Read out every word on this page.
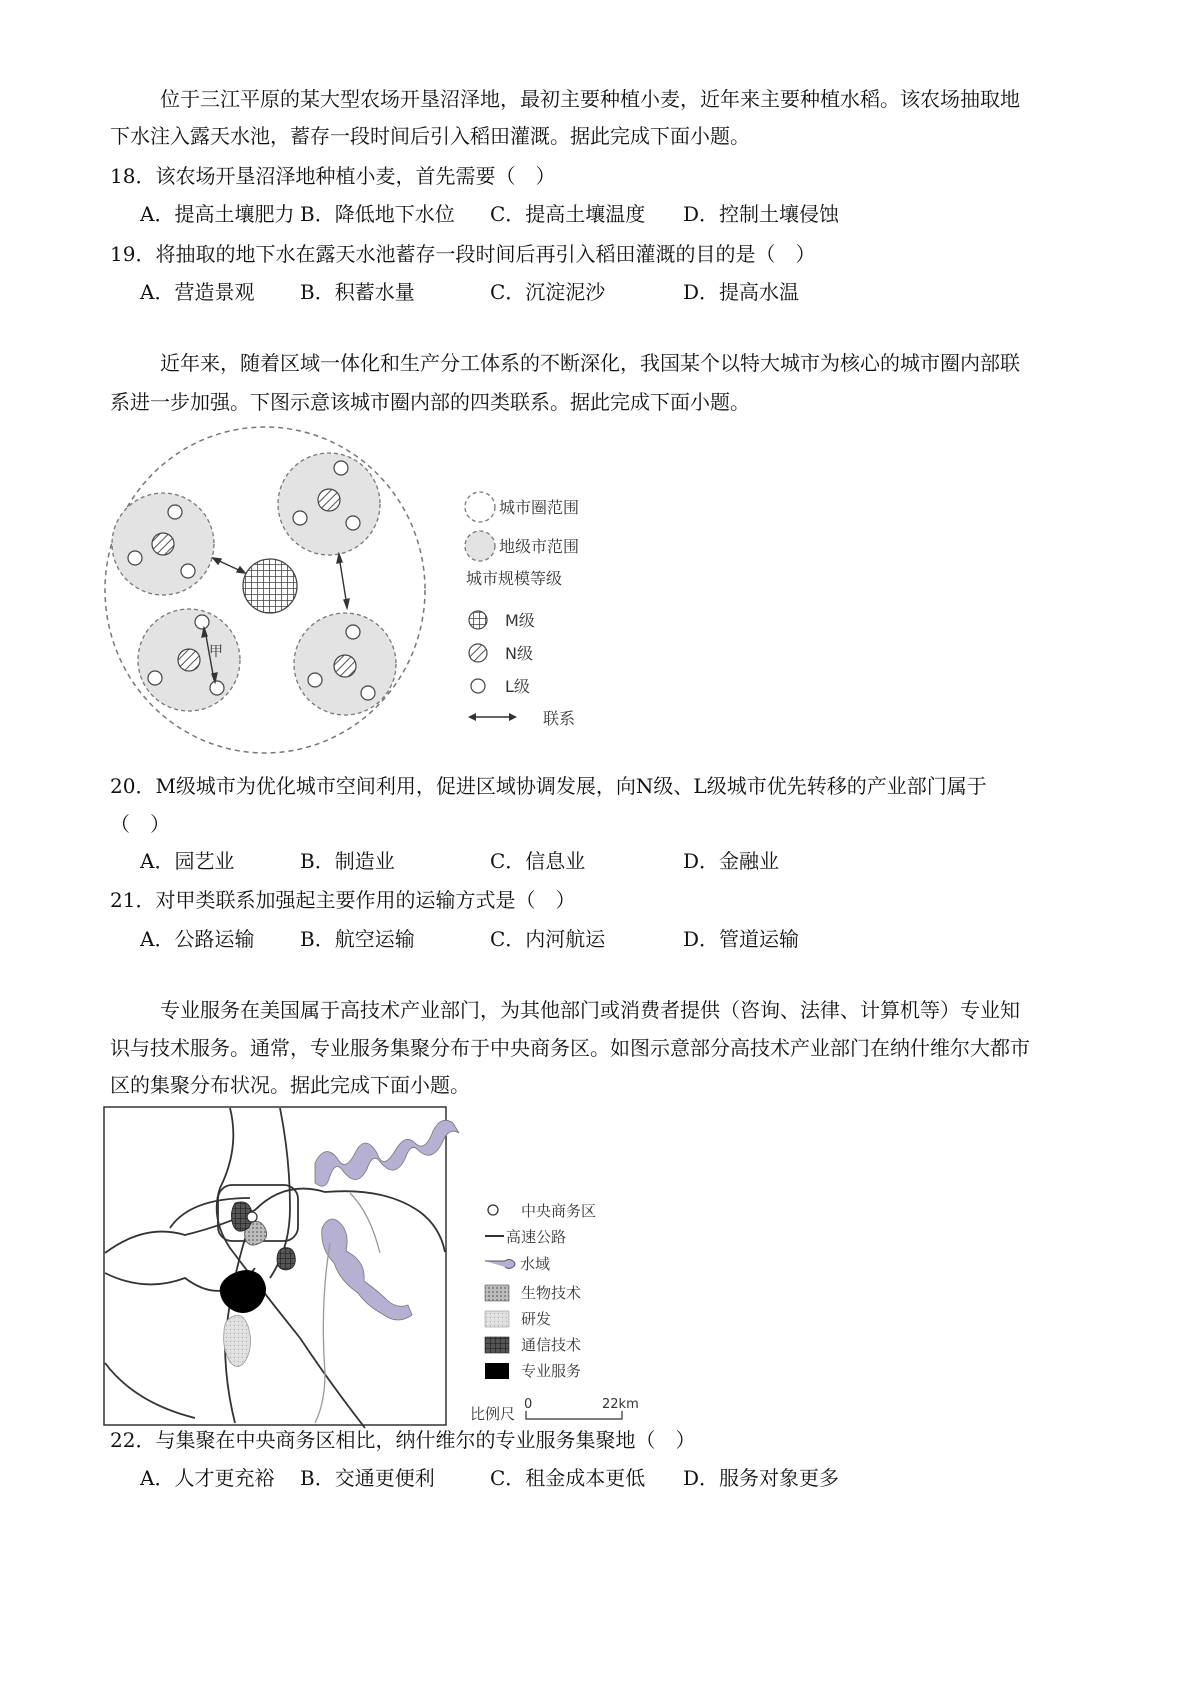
位于三江平原的某大型农场开垦沼泽地，最初主要种植小麦，近年来主要种植水稻。该农场抽取地
下水注入露天水池，蓄存一段时间后引入稻田灌溉。据此完成下面小题。
18．该农场开垦沼泽地种植小麦，首先需要（　）
A．提高土壤肥力 B．降低地下水位 C．提高土壤温度 D．控制土壤侵蚀
19．将抽取的地下水在露天水池蓄存一段时间后再引入稻田灌溉的目的是（　）
A．营造景观 B．积蓄水量	C．沉淀泥沙	D．提高水温
近年来，随着区域一体化和生产分工体系的不断深化，我国某个以特大城市为核心的城市圈内部联
系进一步加强。下图示意该城市圈内部的四类联系。据此完成下面小题。
甲
城市圈范围
地级市范围
城市规模等级
M级
N级
L级
联系
20．M级城市为优化城市空间利用，促进区域协调发展，向N级、L级城市优先转移的产业部门属于
（　）
A．园艺业	B．制造业	C．信息业	D．金融业
21．对甲类联系加强起主要作用的运输方式是（　）
A．公路运输 B．航空运输	C．内河航运	D．管道运输
专业服务在美国属于高技术产业部门，为其他部门或消费者提供（咨询、法律、计算机等）专业知
识与技术服务。通常，专业服务集聚分布于中央商务区。如图示意部分高技术产业部门在纳什维尔大都市
区的集聚分布状况。据此完成下面小题。
中央商务区
高速公路
水域
生物技术
研发
通信技术
专业服务
比例尺
0	22km
22．与集聚在中央商务区相比，纳什维尔的专业服务集聚地（　）
A．人才更充裕 B．交通更便利	C．租金成本更低 D．服务对象更多
